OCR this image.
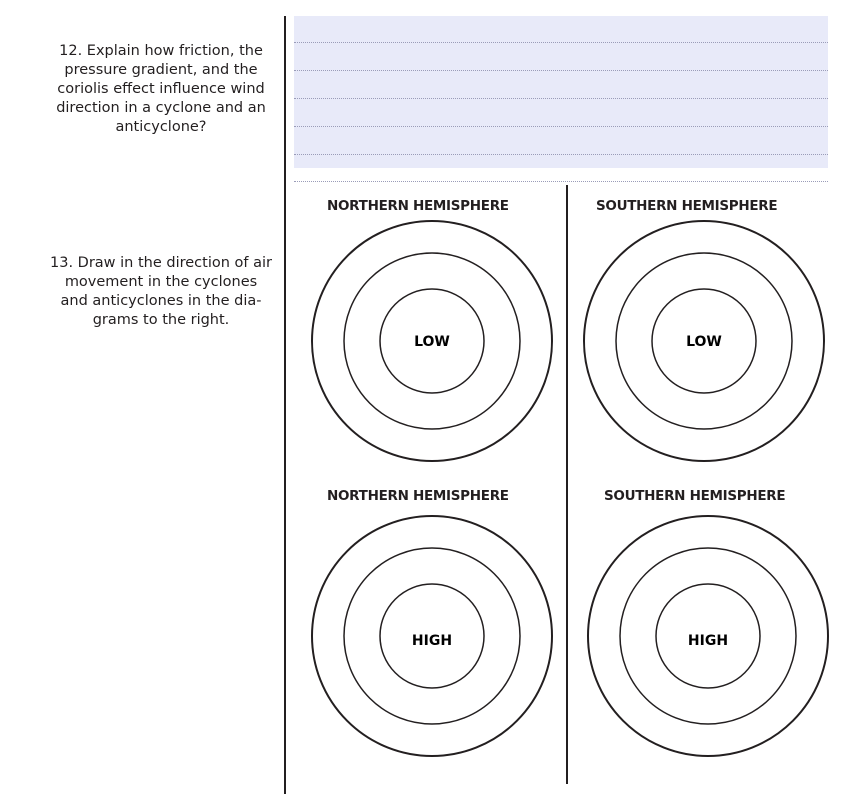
12. Explain how friction, the pressure gradient, and the coriolis effect influence wind direction in a cyclone and an anticyclone?

13. Draw in the direction of air movement in the cyclones and anticyclones in the dia-grams to the right.

NORTHERN HEMISPHERE	SOUTHERN HEMISPHERE

NORTHERN HEMISPHERE	SOUTHERN HEMISPHERE

LOW	LOW
HIGH	HIGH
